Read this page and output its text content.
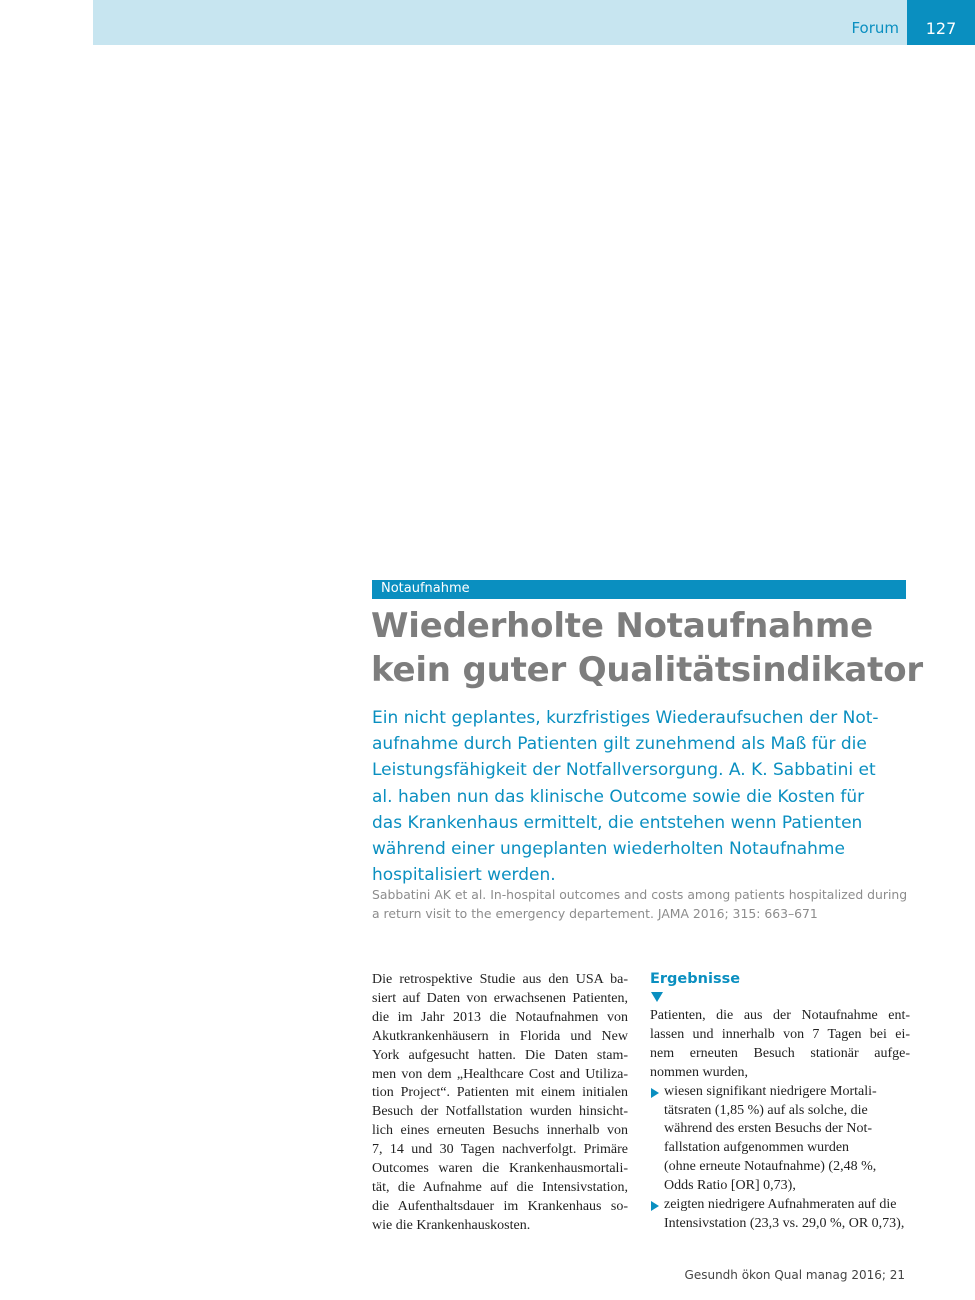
Forum	127
Notaufnahme
Wiederholte Notaufnahme
kein guter Qualitätsindikator
Ein nicht geplantes, kurzfristiges Wiederaufsuchen der Not-
aufnahme durch Patienten gilt zunehmend als Maß für die
Leistungsfähigkeit der Notfallversorgung. A. K. Sabbatini et
al. haben nun das klinische Outcome sowie die Kosten für
das Krankenhaus ermittelt, die entstehen wenn Patienten
während einer ungeplanten wiederholten Notaufnahme
hospitalisiert werden.
Sabbatini AK et al. In-hospital outcomes and costs among patients hospitalized during
a return visit to the emergency departement. JAMA 2016; 315: 663–671
Die retrospektive Studie aus den USA ba-
siert auf Daten von erwachsenen Patienten,
die im Jahr 2013 die Notaufnahmen von
Akutkrankenhäusern in Florida und New
York aufgesucht hatten. Die Daten stam-
men von dem „Healthcare Cost and Utiliza-
tion Project“. Patienten mit einem initialen
Besuch der Notfallstation wurden hinsicht-
lich eines erneuten Besuchs innerhalb von
7, 14 und 30 Tagen nachverfolgt. Primäre
Outcomes waren die Krankenhausmortali-
tät, die Aufnahme auf die Intensivstation,
die Aufenthaltsdauer im Krankenhaus so-
wie die Krankenhauskosten.
Ergebnisse
Patienten, die aus der Notaufnahme ent-
lassen und innerhalb von 7 Tagen bei ei-
nem erneuten Besuch stationär aufge-
nommen wurden,
wiesen signifikant niedrigere Mortali-
tätsraten (1,85 %) auf als solche, die
während des ersten Besuchs der Not-
fallstation aufgenommen wurden
(ohne erneute Notaufnahme) (2,48 %,
Odds Ratio [OR] 0,73),
zeigten niedrigere Aufnahmeraten auf die
Intensivstation (23,3 vs. 29,0 %, OR 0,73),
Gesundh ökon Qual manag 2016; 21
